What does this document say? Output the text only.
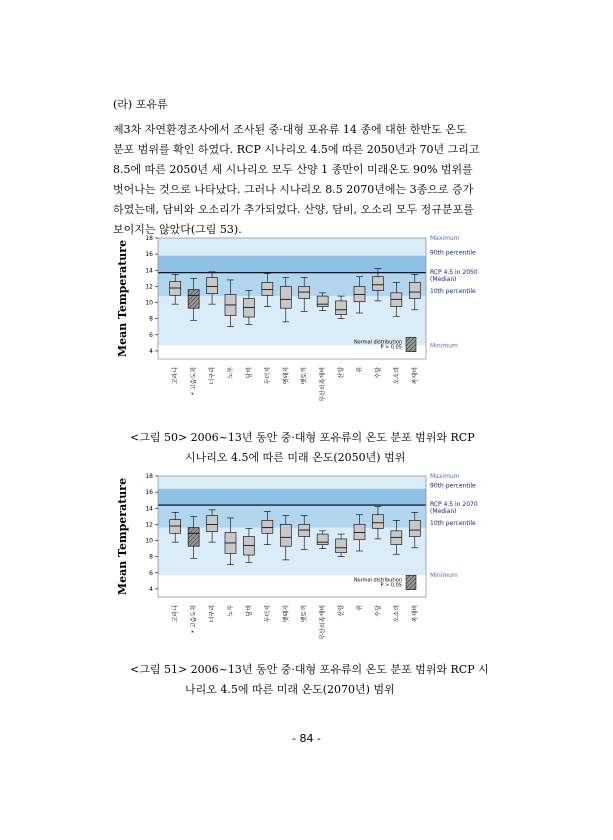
(라) 포유류

제3차 자연환경조사에서 조사된 중·대형 포유류 14 종에 대한 한반도 온도
분포 범위를 확인 하였다. RCP 시나리오 4.5에 따른 2050년과 70년 그리고
8.5에 따른 2050년 세 시나리오 모두 산양 1 종만이 미래온도 90% 범위를
벗어나는 것으로 나타났다. 그러나 시나리오 8.5 2070년에는 3종으로 증가
하였는데, 담비와 오소리가 추가되었다. 산양, 담비, 오소리 모두 정규분포를
보이지는 않았다(그림 53).

4
6
8
10
12
14
16
18
Mean Temperature
고라니 * 고슴도치 너구리 노루 담비 두더지 멧돼지 멧토끼 무산쇠족제비 산양 쥐 수달 오소리 족제비
Maximum
90th percentile
RCP 4.5 in 2050
(Median)
10th percentile
Minimum
Normal distribution
P > 0.05
<그림 50> 2006~13년 동안 중·대형 포유류의 온도 분포 범위와 RCP
시나리오 4.5에 따른 미래 온도(2050년) 범위
4
6
8
10
12
14
16
18
Mean Temperature
고라니 * 고슴도치 너구리 노루 담비 두더지 멧돼지 멧토끼 무산쇠족제비 산양 쥐 수달 오소리 족제비
Maximum
90th percentile
RCP 4.5 in 2070
(Median)
10th percentile
Minimum
Normal distribution
P > 0.05
<그림 51> 2006~13년 동안 중·대형 포유류의 온도 분포 범위와 RCP 시
나리오 4.5에 따른 미래 온도(2070년) 범위
- 84 -
